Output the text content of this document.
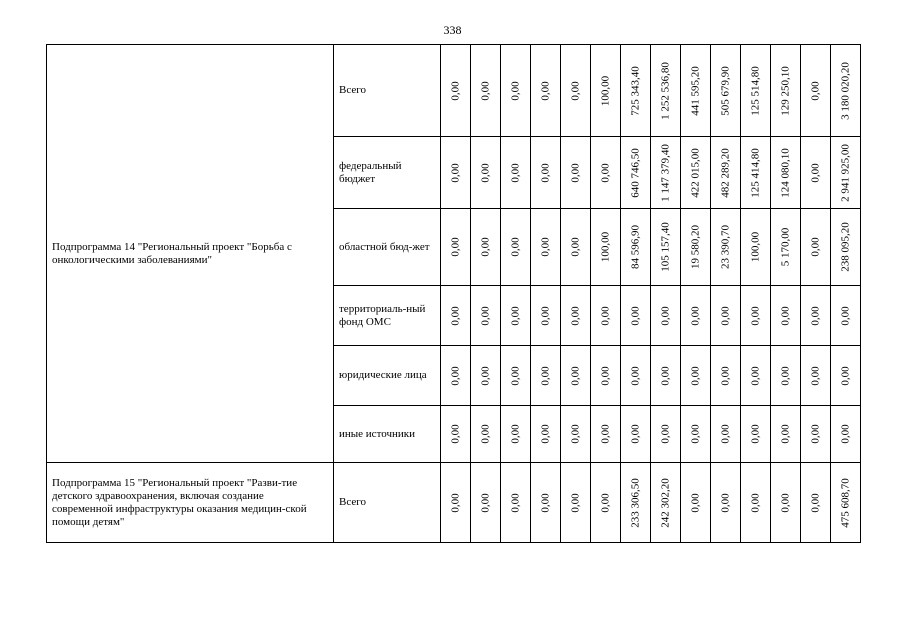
338
Подпрограмма 14 "Региональный проект "Борьба с онкологическими заболеваниями"	Всего	0,00	0,00	0,00	0,00	0,00	100,00	725 343,40	1 252 536,80	441 595,20	505 679,90	125 514,80	129 250,10	0,00	3 180 020,20

	федеральный бюджет	0,00	0,00	0,00	0,00	0,00	0,00	640 746,50	1 147 379,40	422 015,00	482 289,20	125 414,80	124 080,10	0,00	2 941 925,00

	областной бюд-жет	0,00	0,00	0,00	0,00	0,00	100,00	84 596,90	105 157,40	19 580,20	23 390,70	100,00	5 170,00	0,00	238 095,20

	территориаль-ный фонд ОМС	0,00	0,00	0,00	0,00	0,00	0,00	0,00	0,00	0,00	0,00	0,00	0,00	0,00	0,00

	юридические лица	0,00	0,00	0,00	0,00	0,00	0,00	0,00	0,00	0,00	0,00	0,00	0,00	0,00	0,00

	иные источники	0,00	0,00	0,00	0,00	0,00	0,00	0,00	0,00	0,00	0,00	0,00	0,00	0,00	0,00

Подпрограмма 15 "Региональный проект "Разви-тие детского здравоохранения, включая создание современной инфраструктуры оказания медицин-ской помощи детям"	Всего	0,00	0,00	0,00	0,00	0,00	0,00	233 306,50	242 302,20	0,00	0,00	0,00	0,00	0,00	475 608,70
